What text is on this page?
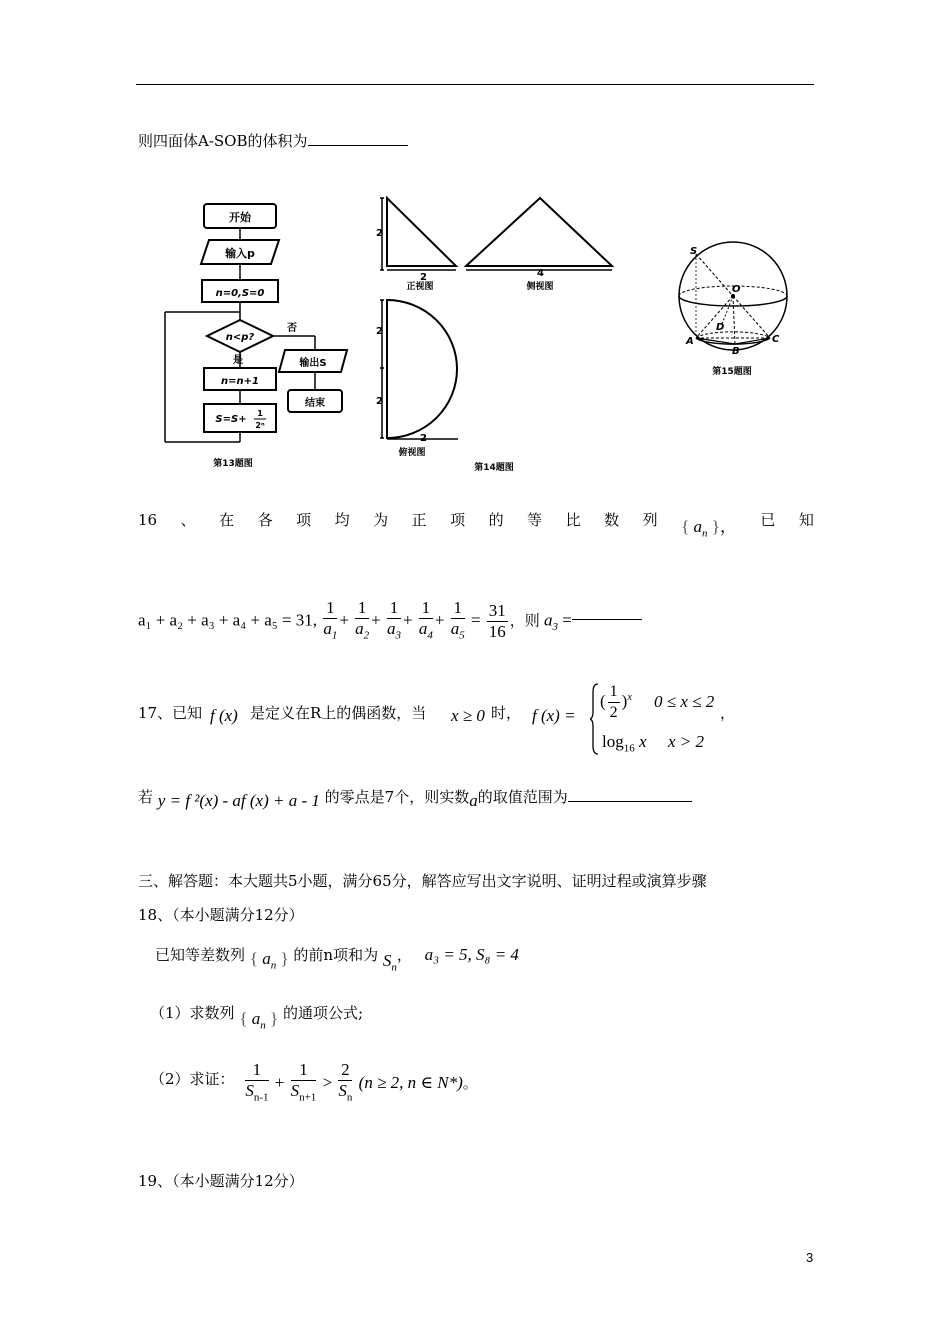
则四面体A-SOB的体积为
开始
输入p
n=0,S=0
n<p?
否
是
n=n+1
S=S+
1
2ⁿ
输出S
结束
第13题图
2
2
正视图
4
侧视图
2
2
2
俯视图
第14题图
S
O
D
A
B
C
第15题图
16 、 在 各 项 均 为 正 项 的 等 比 数 列 { $a_n$ }， 已 知
a₁ + a₂ + a₃ + a₄ + a₅ = 31, $\frac{1}{a_1} + \frac{1}{a_2} + \frac{1}{a_3} + \frac{1}{a_4} + \frac{1}{a_5} = \frac{31}{16}$ ，则 $a_3$ =
17、已知 f (x) 是定义在R上的偶函数，当 x ≥ 0 时， f (x) =
( $\frac{1}{2} )^x$ 0 ≤ x ≤ 2
$\log_{16} x$ x > 2
，
若 y = f ²(x) - af (x) + a - 1 的零点是7个，则实数a的取值范围为
三、解答题：本大题共5小题，满分65分，解答应写出文字说明、证明过程或演算步骤
18、（本小题满分12分）
已知等差数列 { $a_n$ } 的前n项和为 $S_n$， a₃ = 5, S₈ = 4
（1）求数列 { $a_n$ } 的通项公式;
（2）求证： $\frac{1}{S_{n-1}} + \frac{1}{S_{n+1}} > \frac{2}{S_n} (n \ge 2$, n ∈ N*)。
19、（本小题满分12分）
3
